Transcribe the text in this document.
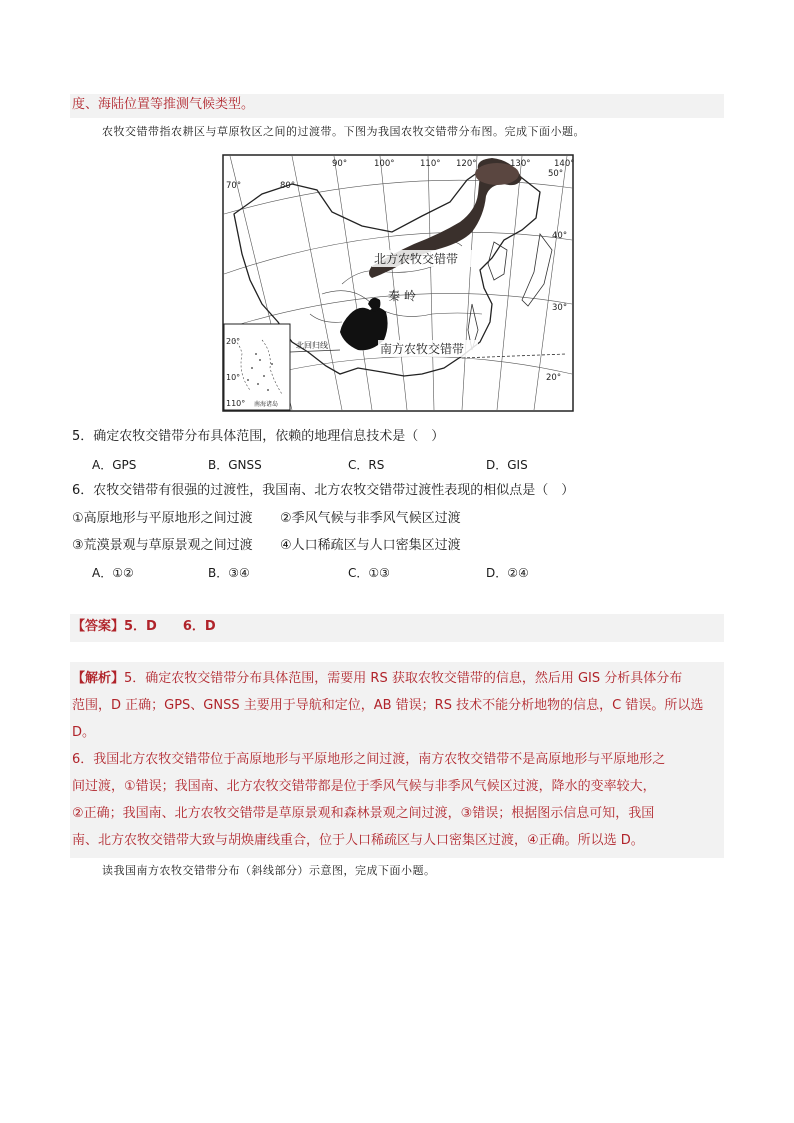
度、海陆位置等推测气候类型。
农牧交错带指农耕区与草原牧区之间的过渡带。下图为我国农牧交错带分布图。完成下面小题。
90°	100°	110° 120°	130°	140°
70°	80°
50°
40°
30°
20°
北方农牧交错带
秦 岭
南方农牧交错带
北回归线
20°
10°
110° 南海诸岛
5．确定农牧交错带分布具体范围，依赖的地理信息技术是（　）
A．GPS	B．GNSS	C．RS	D．GIS
6．农牧交错带有很强的过渡性，我国南、北方农牧交错带过渡性表现的相似点是（　）
①高原地形与平原地形之间过渡 ②季风气候与非季风气候区过渡
③荒漠景观与草原景观之间过渡 ④人口稀疏区与人口密集区过渡
A．①②	B．③④	C．①③	D．②④
【答案】5．D　　6．D
【解析】5．确定农牧交错带分布具体范围，需要用 RS 获取农牧交错带的信息，然后用 GIS 分析具体分布
范围，D 正确；GPS、GNSS 主要用于导航和定位，AB 错误；RS 技术不能分析地物的信息，C 错误。所以选
D。
6．我国北方农牧交错带位于高原地形与平原地形之间过渡，南方农牧交错带不是高原地形与平原地形之
间过渡，①错误；我国南、北方农牧交错带都是位于季风气候与非季风气候区过渡，降水的变率较大，
②正确；我国南、北方农牧交错带是草原景观和森林景观之间过渡，③错误；根据图示信息可知，我国
南、北方农牧交错带大致与胡焕庸线重合，位于人口稀疏区与人口密集区过渡，④正确。所以选 D。
读我国南方农牧交错带分布（斜线部分）示意图，完成下面小题。
